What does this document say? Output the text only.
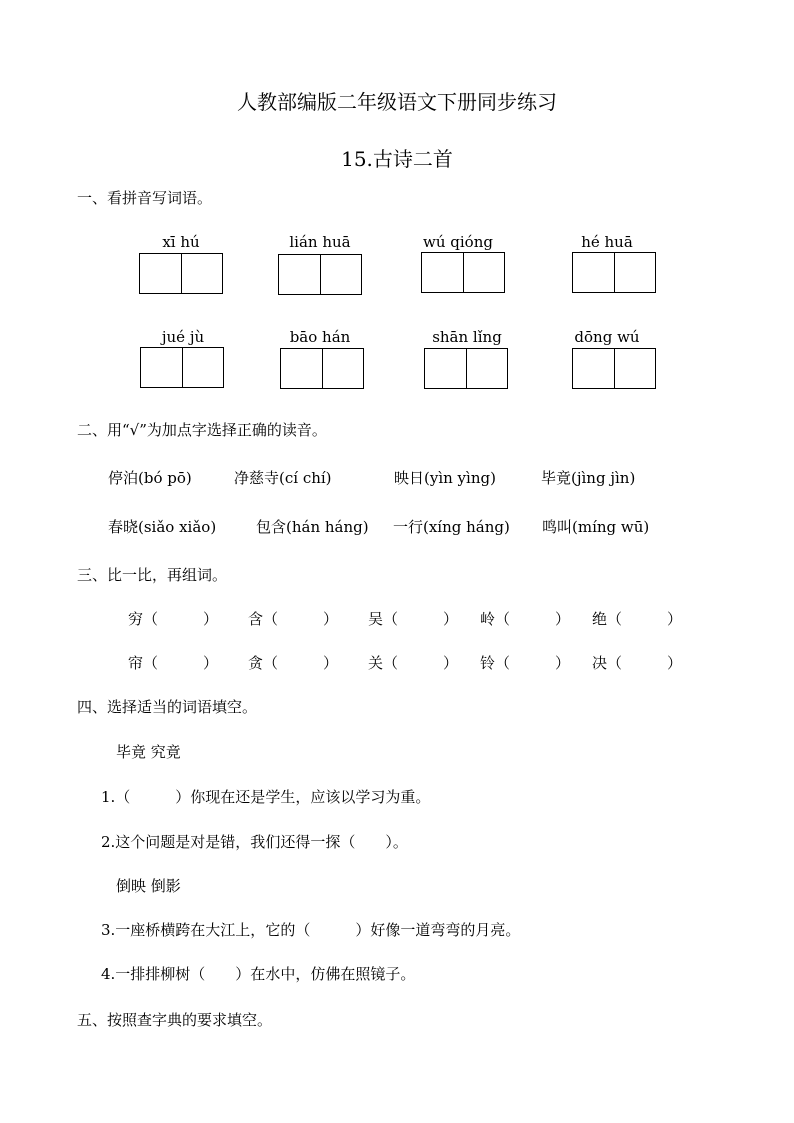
人教部编版二年级语文下册同步练习
15.古诗二首
一、看拼音写词语。
xī hú	lián huā	wú qióng	hé huā
jué jù	bāo hán	shān lǐng	dōng wú
二、用“√”为加点字选择正确的读音。
停泊(bó pō)	净慈寺(cí chí)	映日(yìn yìng)	毕竟(jìng jìn)
春晓(siǎo xiǎo)	包含(hán háng) 一行(xíng háng) 鸣叫(míng wū)
三、比一比，再组词。
穷（　　　） 含（　　　） 吴（　　　） 岭（　　　） 绝（　　　）
帘（　　　） 贪（　　　） 关（　　　） 铃（　　　） 决（　　　）
四、选择适当的词语填空。
毕竟 究竟
1.（　　　）你现在还是学生，应该以学习为重。
2.这个问题是对是错，我们还得一探（　　）。
倒映 倒影
3.一座桥横跨在大江上，它的（　　　）好像一道弯弯的月亮。
4.一排排柳树（　　）在水中，仿佛在照镜子。
五、按照查字典的要求填空。
